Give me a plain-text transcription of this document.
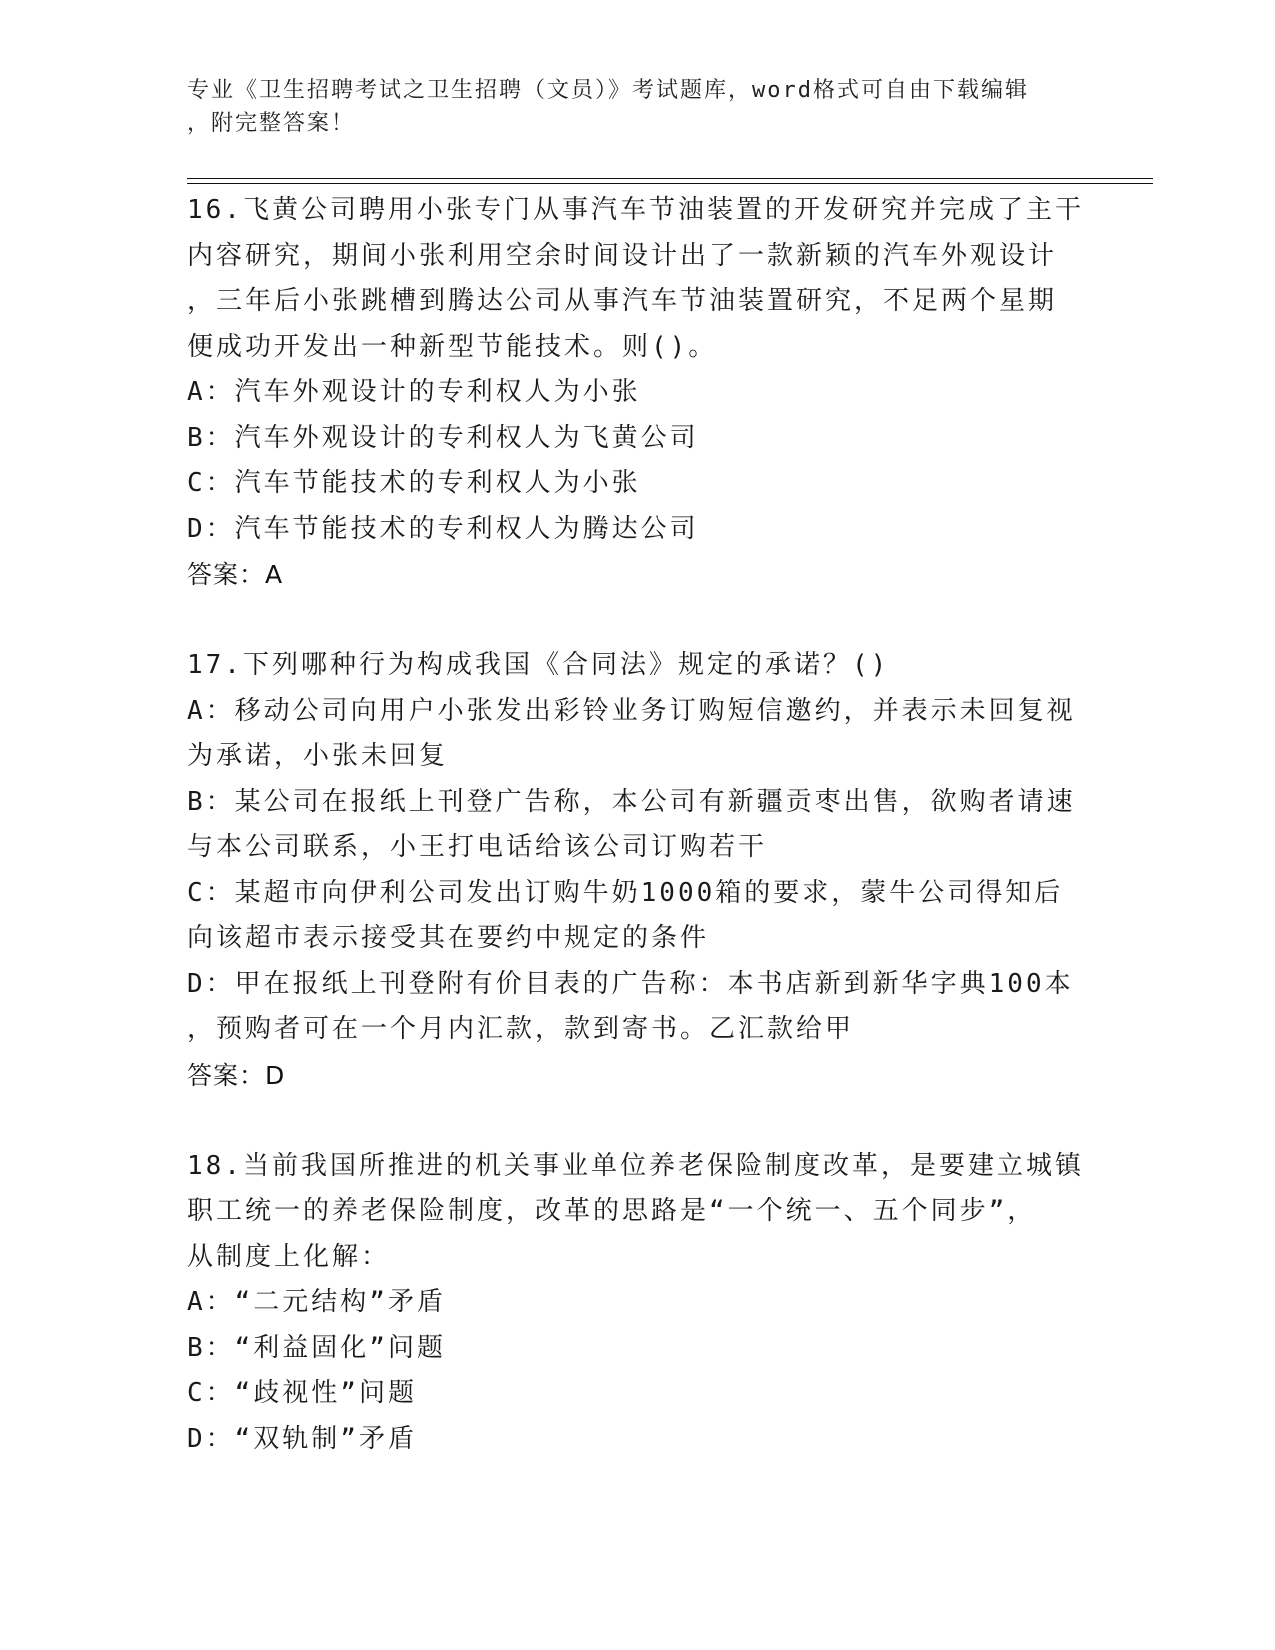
专业《卫生招聘考试之卫生招聘（文员）》考试题库，word格式可自由下载编辑
，附完整答案！

16.飞黄公司聘用小张专门从事汽车节油装置的开发研究并完成了主干

内容研究，期间小张利用空余时间设计出了一款新颖的汽车外观设计

，三年后小张跳槽到腾达公司从事汽车节油装置研究，不足两个星期

便成功开发出一种新型节能技术。则()。

A：汽车外观设计的专利权人为小张

B：汽车外观设计的专利权人为飞黄公司

C：汽车节能技术的专利权人为小张

D：汽车节能技术的专利权人为腾达公司

答案：A

17.下列哪种行为构成我国《合同法》规定的承诺？()

A：移动公司向用户小张发出彩铃业务订购短信邀约，并表示未回复视

为承诺，小张未回复

B：某公司在报纸上刊登广告称，本公司有新疆贡枣出售，欲购者请速

与本公司联系，小王打电话给该公司订购若干

C：某超市向伊利公司发出订购牛奶1000箱的要求，蒙牛公司得知后

向该超市表示接受其在要约中规定的条件

D：甲在报纸上刊登附有价目表的广告称：本书店新到新华字典100本

，预购者可在一个月内汇款，款到寄书。乙汇款给甲

答案：D

18.当前我国所推进的机关事业单位养老保险制度改革，是要建立城镇

职工统一的养老保险制度，改革的思路是“一个统一、五个同步”，

从制度上化解：

A：“二元结构”矛盾

B：“利益固化”问题

C：“歧视性”问题

D：“双轨制”矛盾
